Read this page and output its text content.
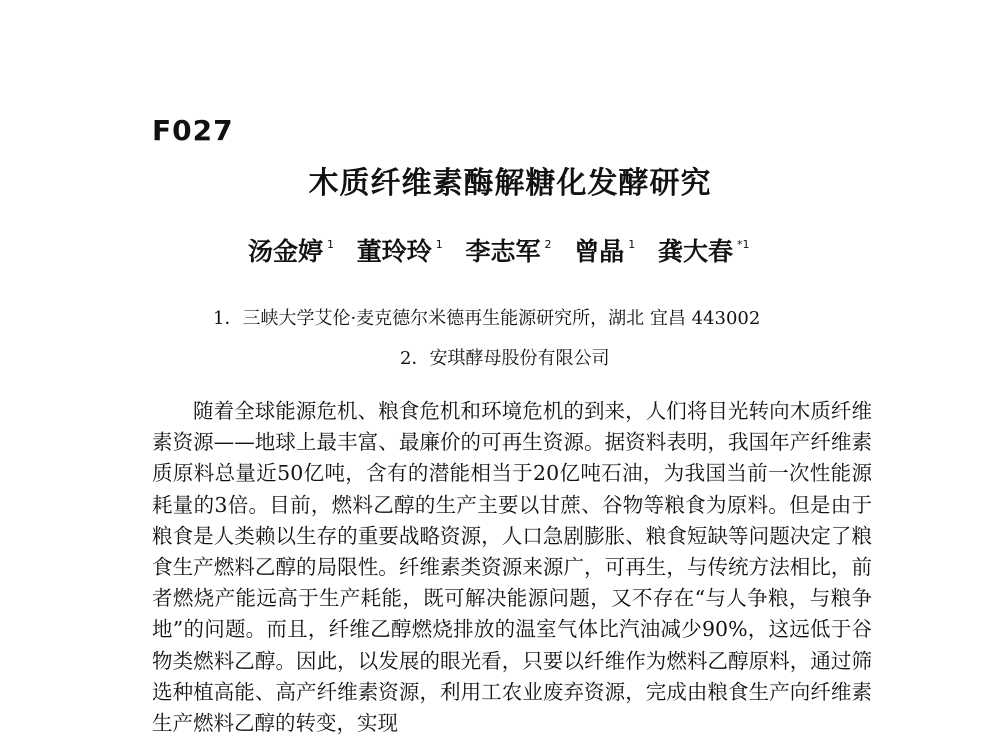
F027
木质纤维素酶解糖化发酵研究
汤金婷 $^1$ 董玲玲 $^1$ 李志军 $^2$ 曾晶 $^1$ 龚大春 $^{*1}$
1．三峡大学艾伦·麦克德尔米德再生能源研究所，湖北 宜昌 443002
2．安琪酵母股份有限公司

随着全球能源危机、粮食危机和环境危机的到来，人们将目光转向木质纤维素资源——地球上最丰富、最廉价的可再生资源。据资料表明，我国年产纤维素质原料总量近50亿吨，含有的潜能相当于20亿吨石油，为我国当前一次性能源耗量的3倍。目前，燃料乙醇的生产主要以甘蔗、谷物等粮食为原料。但是由于粮食是人类赖以生存的重要战略资源，人口急剧膨胀、粮食短缺等问题决定了粮食生产燃料乙醇的局限性。纤维素类资源来源广，可再生，与传统方法相比，前者燃烧产能远高于生产耗能，既可解决能源问题，又不存在“与人争粮，与粮争地”的问题。而且，纤维乙醇燃烧排放的温室气体比汽油减少90%，这远低于谷物类燃料乙醇。因此，以发展的眼光看，只要以纤维作为燃料乙醇原料，通过筛选种植高能、高产纤维素资源，利用工农业废弃资源，完成由粮食生产向纤维素生产燃料乙醇的转变，实现
